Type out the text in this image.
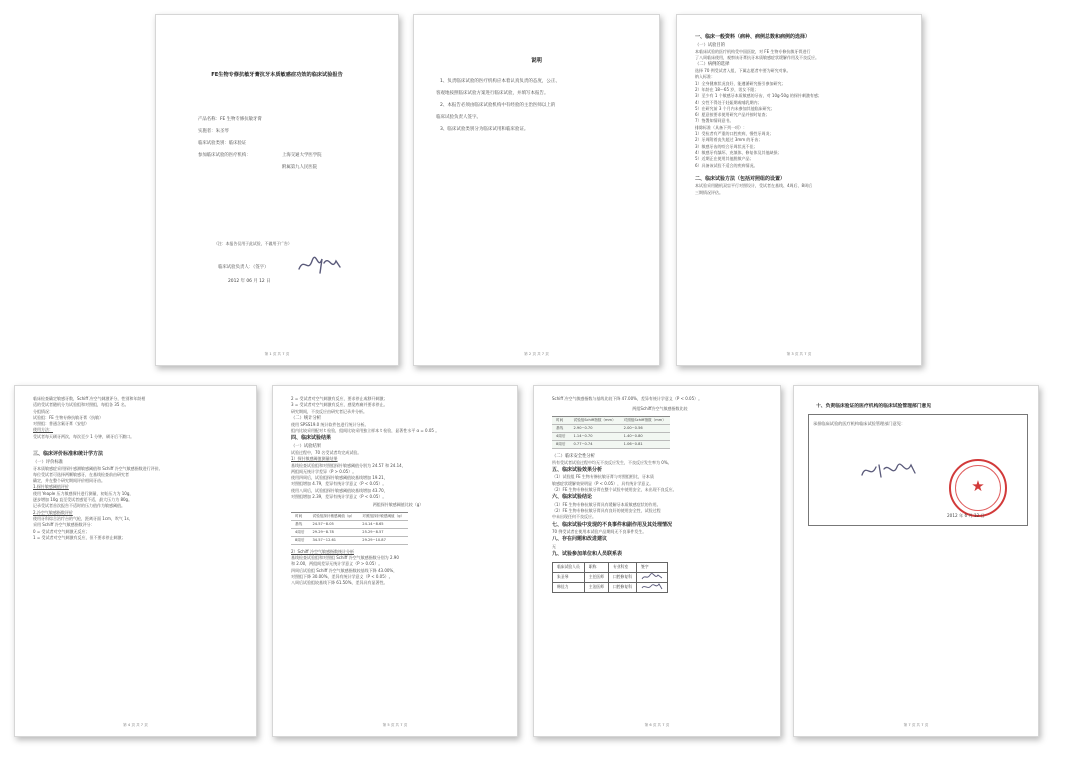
FE生物专修抗敏牙膏抗牙本质敏感症功效的临床试验报告
产品名称：FE 生物专修抗敏牙膏
实施者：朱圣琴
临床试验类别：临床验证
参加临床试验的医疗机构：	上海交通大学医学院
附属第九人民医院
（注：本报告仅用于此试验，不做用于广告）
临床试验负责人：（签字）
2012 年 06 月 12 日
第 1 页 共 7 页
说明
1、负责临床试验的医疗机构应本着认真负责的态度，公正、
客观地按照临床试验方案进行临床试验，并填写本报告。
2、本报告必须由临床试验机构中有经验的主治医师以上的
临床试验负责人签字。
3、临床试验类别分为临床试用和临床验证。
第 2 页 共 7 页
一、临床一般资料（病种、病例总数和病例的选择）
（一）试验目的
本临床试验的医疗机构受中国医院，对 FE 生物专修抗敏牙膏进行
了八周临床使用，观察该牙膏抗牙本质敏感症状缓解作用及不良反应。
（二）病例的选择
选择 70 例受试者入组，下属志愿者中要为研究对象。
纳入标准：
1）全身健康状况良好，能遵循研究指引参加研究；
2）年龄在 18～65 岁，男女不限；
3）至少有 1 个敏感牙本质敏感的牙齿，对 10g-50g 的探针刺激有感；
4）女性不得处于妊娠期或哺乳期内；
5）在研究前 3 个月内未参加其他临床研究；
6）愿意按要求使用研究产品并按时复查；
7）签署知情同意书。
排除标准（具备下列一项）：
1）受检者有严重的口腔疾病，慢性牙周炎；
2）牙周附着丧失超过 3mm 的牙齿；
3）敏感牙齿的咬合牙周状况不佳；
4）敏感牙有龋坏、充填体、修复体及其他缺损；
5）近期正在使用其他脱敏产品；
6）具备该试验不适合的疾病情况。
二、临床试验方法（包括对照组的设置）
本试验采用随机双盲平行对照设计，受试者在基线、4周后、8周后
三期情况评估。
第 3 页 共 7 页
临床检查确定敏感牙数，Schiff 冷空气刺激评分，性别和年龄相
适的受试者随机分为试验组和对照组，每组各 35 名。
分组情况：
试验组：FE 生物专修抗敏牙膏（抗敏）
对照组：普通含氟牙膏（安慰）
使用方法：
受试者每天刷牙两次，每次至少 1 分钟，刷牙后不漱口。
三、临床评价标准和统计学方法
（一）评价标准
牙本质敏感症采用探针感测敏感阈值和 Schiff 冷空气敏感指数进行评价。
每位受试者可选择两颗敏感牙，在基线检查前由研究者
确定，并在整个研究期间评价相同牙齿。
1.探针敏感阈值评价
使用 Yeaple 压力敏感探针进行测量，初始压力为 10g，
逐步增加 10g 直至受试者感觉不适，最大压力为 80g。
记录受试者首次报告不适时的压力值作为敏感阈值。
2.冷空气敏感指数评价
使用牙科综合治疗台的气枪，距离牙面 1cm，吹气 1s，
采用 Schiff 冷空气敏感指数评分：
0 = 受试者对空气刺激无反应；
1 = 受试者对空气刺激有反应，但不要求停止刺激；
第 4 页 共 7 页
2 = 受试者对空气刺激有反应，要求停止或移开刺激；
3 = 受试者对空气刺激有反应，感觉疼痛并要求停止。
研究期间，不良反应由研究者记录并分析。
（二）统计分析
使用 SPSS19.0 统计软件包进行统计分析。
组内比较采用配对 t 检验，组间比较采用独立样本 t 检验，显著性水平 α = 0.05 。
四、临床试验结果
（一）试验结果
试验过程中，70 名受试者均完成试验。
1）探针敏感阈值测量结果
基线检查试验组和对照组探针敏感阈值分别为 24.57 和 24.14，
两组间无统计学差异（P > 0.05）。
使用四周后，试验组探针敏感阈值较基线增加 19.21，
对照组增加 4.79，差异有统计学意义（P < 0.05）。
使用八周后，试验组探针敏感阈值较基线增加 43.70，
对照组增加 2.39，差异有统计学意义（P < 0.05）。
两组探针敏感阈值比较（g）
时间	试验组探针敏感阈值（g）	对照组探针敏感阈值（g）
基线	24.57~8.05	24.14~8.65
4周后	29.29~8.78	25.29~8.57
8周后	34.57~12.61	29.29~10.87
2）Schiff 冷空气敏感指数统计分析
基线检查试验组和对照组 Schiff 冷空气敏感指数分别为 2.90
和 2.00，两组间差异无统计学意义（P > 0.05）。
四周后试验组 Schiff 冷空气敏感指数较基线下降 43.00%，
对照组下降 30.00%，差异有统计学意义（P < 0.05）。
八周后试验组较基线下降 61.50%，差异具有显著性。
第 5 页 共 7 页
Schiff 冷空气敏感指数与基线比较下降 47.00%，差异有统计学意义（P < 0.05）。
两组Schiff冷空气敏感指数比较
时间	试验组Schiff指数（mm）	对照组Schiff指数（mm）
基线	2.90~0.70	2.00~0.56
4周后	1.14~0.70	1.40~0.80
8周后	0.77~0.74	1.06~0.81
（二）临床安全性分析
所有受试者试验过程中均无不良反应发生，不良反应发生率为 0%。
五、临床试验效果分析
（1）试验组 FE 生物专修抗敏牙膏与对照组相比，牙本质
敏感症状缓解效果明显（P < 0.05），具有统计学意义。
（2）FE 生物专修抗敏牙膏在整个试验中使用安全，未出现不良反应。
六、临床试验结论
（1）FE 生物专修抗敏牙膏具有缓解牙本质敏感症状的作用。
（2）FE 生物专修抗敏牙膏具有良好的使用安全性，试验过程
中未出现任何不良反应。
七、临床试验中发现的不良事件和副作用及其处理情况
70 例受试者在使用本试验产品期间无不良事件发生。
八、存在问题和改进建议
无
九、试验参加单位和人员联系表
临床试验人员	职称	专业科室	签字
朱圣琴	主任医师	口腔修复科	
韩佳力	主治医师	口腔修复科	
第 6 页 共 7 页
十、负责临床验证的医疗机构的临床试验管理部门意见
承担临床试验的医疗机构临床试验管理部门意见：
★
2012 年 6 月 12 日
第 7 页 共 7 页
